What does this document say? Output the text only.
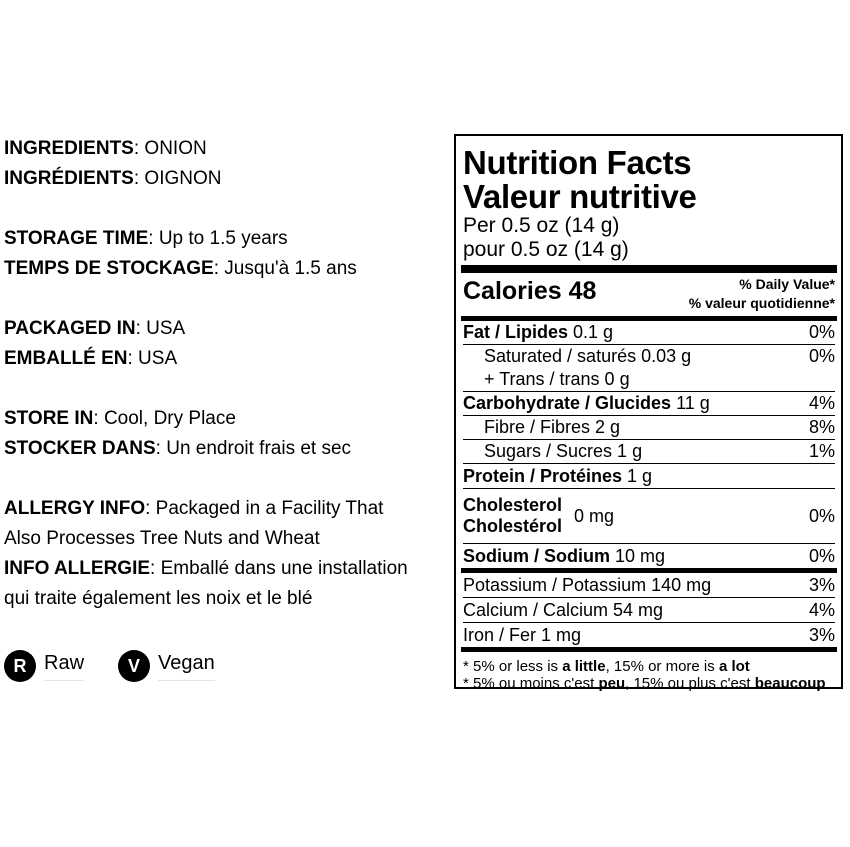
INGREDIENTS: ONION
INGRÉDIENTS: OIGNON
STORAGE TIME: Up to 1.5 years
TEMPS DE STOCKAGE: Jusqu'à 1.5 ans
PACKAGED IN: USA
EMBALLÉ EN: USA
STORE IN: Cool, Dry Place
STOCKER DANS: Un endroit frais et sec
ALLERGY INFO: Packaged in a Facility That
Also Processes Tree Nuts and Wheat
INFO ALLERGIE: Emballé dans une installation
qui traite également les noix et le blé
R Raw	V Vegan
Nutrition Facts
Valeur nutritive
Per 0.5 oz (14 g)
pour 0.5 oz (14 g)
Calories 48	% Daily Value*
% valeur quotidienne*
Fat / Lipides 0.1 g	0%
Saturated / saturés 0.03 g	0%
+ Trans / trans 0 g
Carbohydrate / Glucides 11 g	4%
Fibre / Fibres 2 g	8%
Sugars / Sucres 1 g	1%
Protein / Protéines 1 g
Cholesterol
Cholestérol
0 mg	0%
Sodium / Sodium 10 mg	0%
Potassium / Potassium 140 mg	3%
Calcium / Calcium 54 mg	4%
Iron / Fer 1 mg	3%
* 5% or less is a little, 15% or more is a lot
* 5% ou moins c'est peu, 15% ou plus c'est beaucoup
